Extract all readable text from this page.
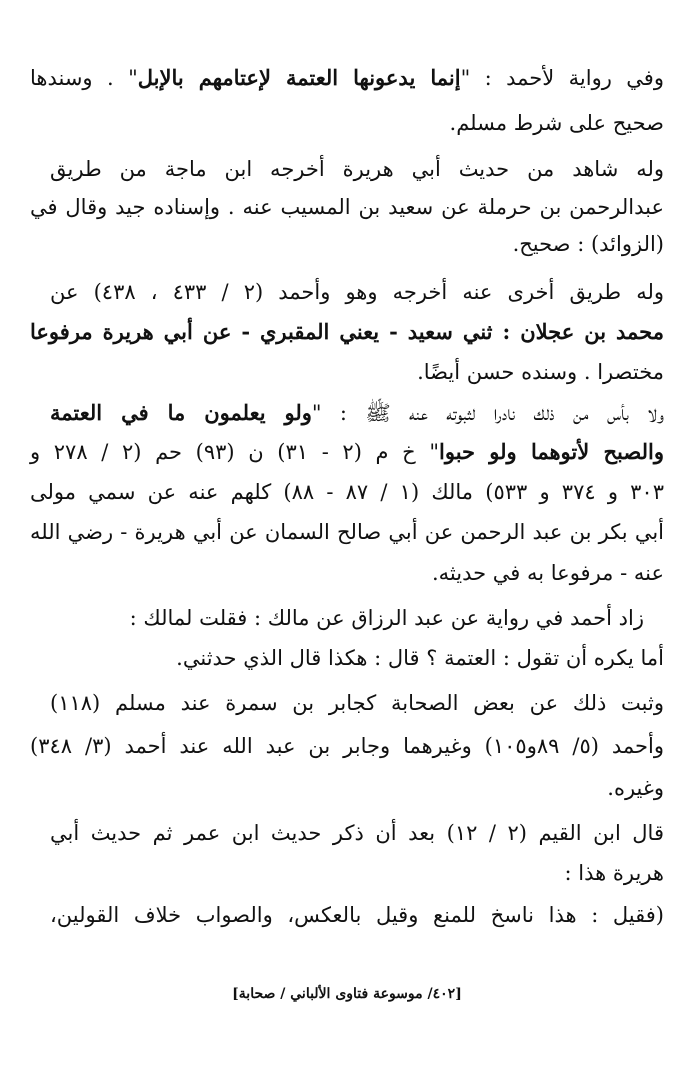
وفي رواية لأحمد : "إنما يدعونها العتمة لإعتامهم بالإبل" . وسندها
صحيح على شرط مسلم.
وله شاهد من حديث أبي هريرة أخرجه ابن ماجة من طريق
عبدالرحمن بن حرملة عن سعيد بن المسيب عنه . وإسناده جيد وقال في
(الزوائد) : صحيح.
وله طريق أخرى عنه أخرجه وهو وأحمد (٢ / ٤٣٣ ، ٤٣٨) عن
محمد بن عجلان : ثني سعيد - يعني المقبري - عن أبي هريرة مرفوعا
مختصرا . وسنده حسن أيضًا.
ولا بأس من ذلك نادرا لثبوته عنه ﷺ : "ولو يعلمون ما في العتمة
والصبح لأتوهما ولو حبوا" خ م (٢ - ٣١) ن (٩٣) حم (٢ / ٢٧٨ و
٣٠٣ و ٣٧٤ و ٥٣٣) مالك (١ / ٨٧ - ٨٨) كلهم عنه عن سمي مولى
أبي بكر بن عبد الرحمن عن أبي صالح السمان عن أبي هريرة - رضي الله
عنه - مرفوعا به في حديثه.
زاد أحمد في رواية عن عبد الرزاق عن مالك : فقلت لمالك :
أما يكره أن تقول : العتمة ؟ قال : هكذا قال الذي حدثني.
وثبت ذلك عن بعض الصحابة كجابر بن سمرة عند مسلم (١١٨)
وأحمد (٥/ ٨٩و١٠٥) وغيرهما وجابر بن عبد الله عند أحمد (٣/ ٣٤٨)
وغيره.
قال ابن القيم (٢ / ١٢) بعد أن ذكر حديث ابن عمر ثم حديث أبي
هريرة هذا :
(فقيل : هذا ناسخ للمنع وقيل بالعكس، والصواب خلاف القولين،
[٤٠٢/ موسوعة فتاوى الألباني / صحابة]
